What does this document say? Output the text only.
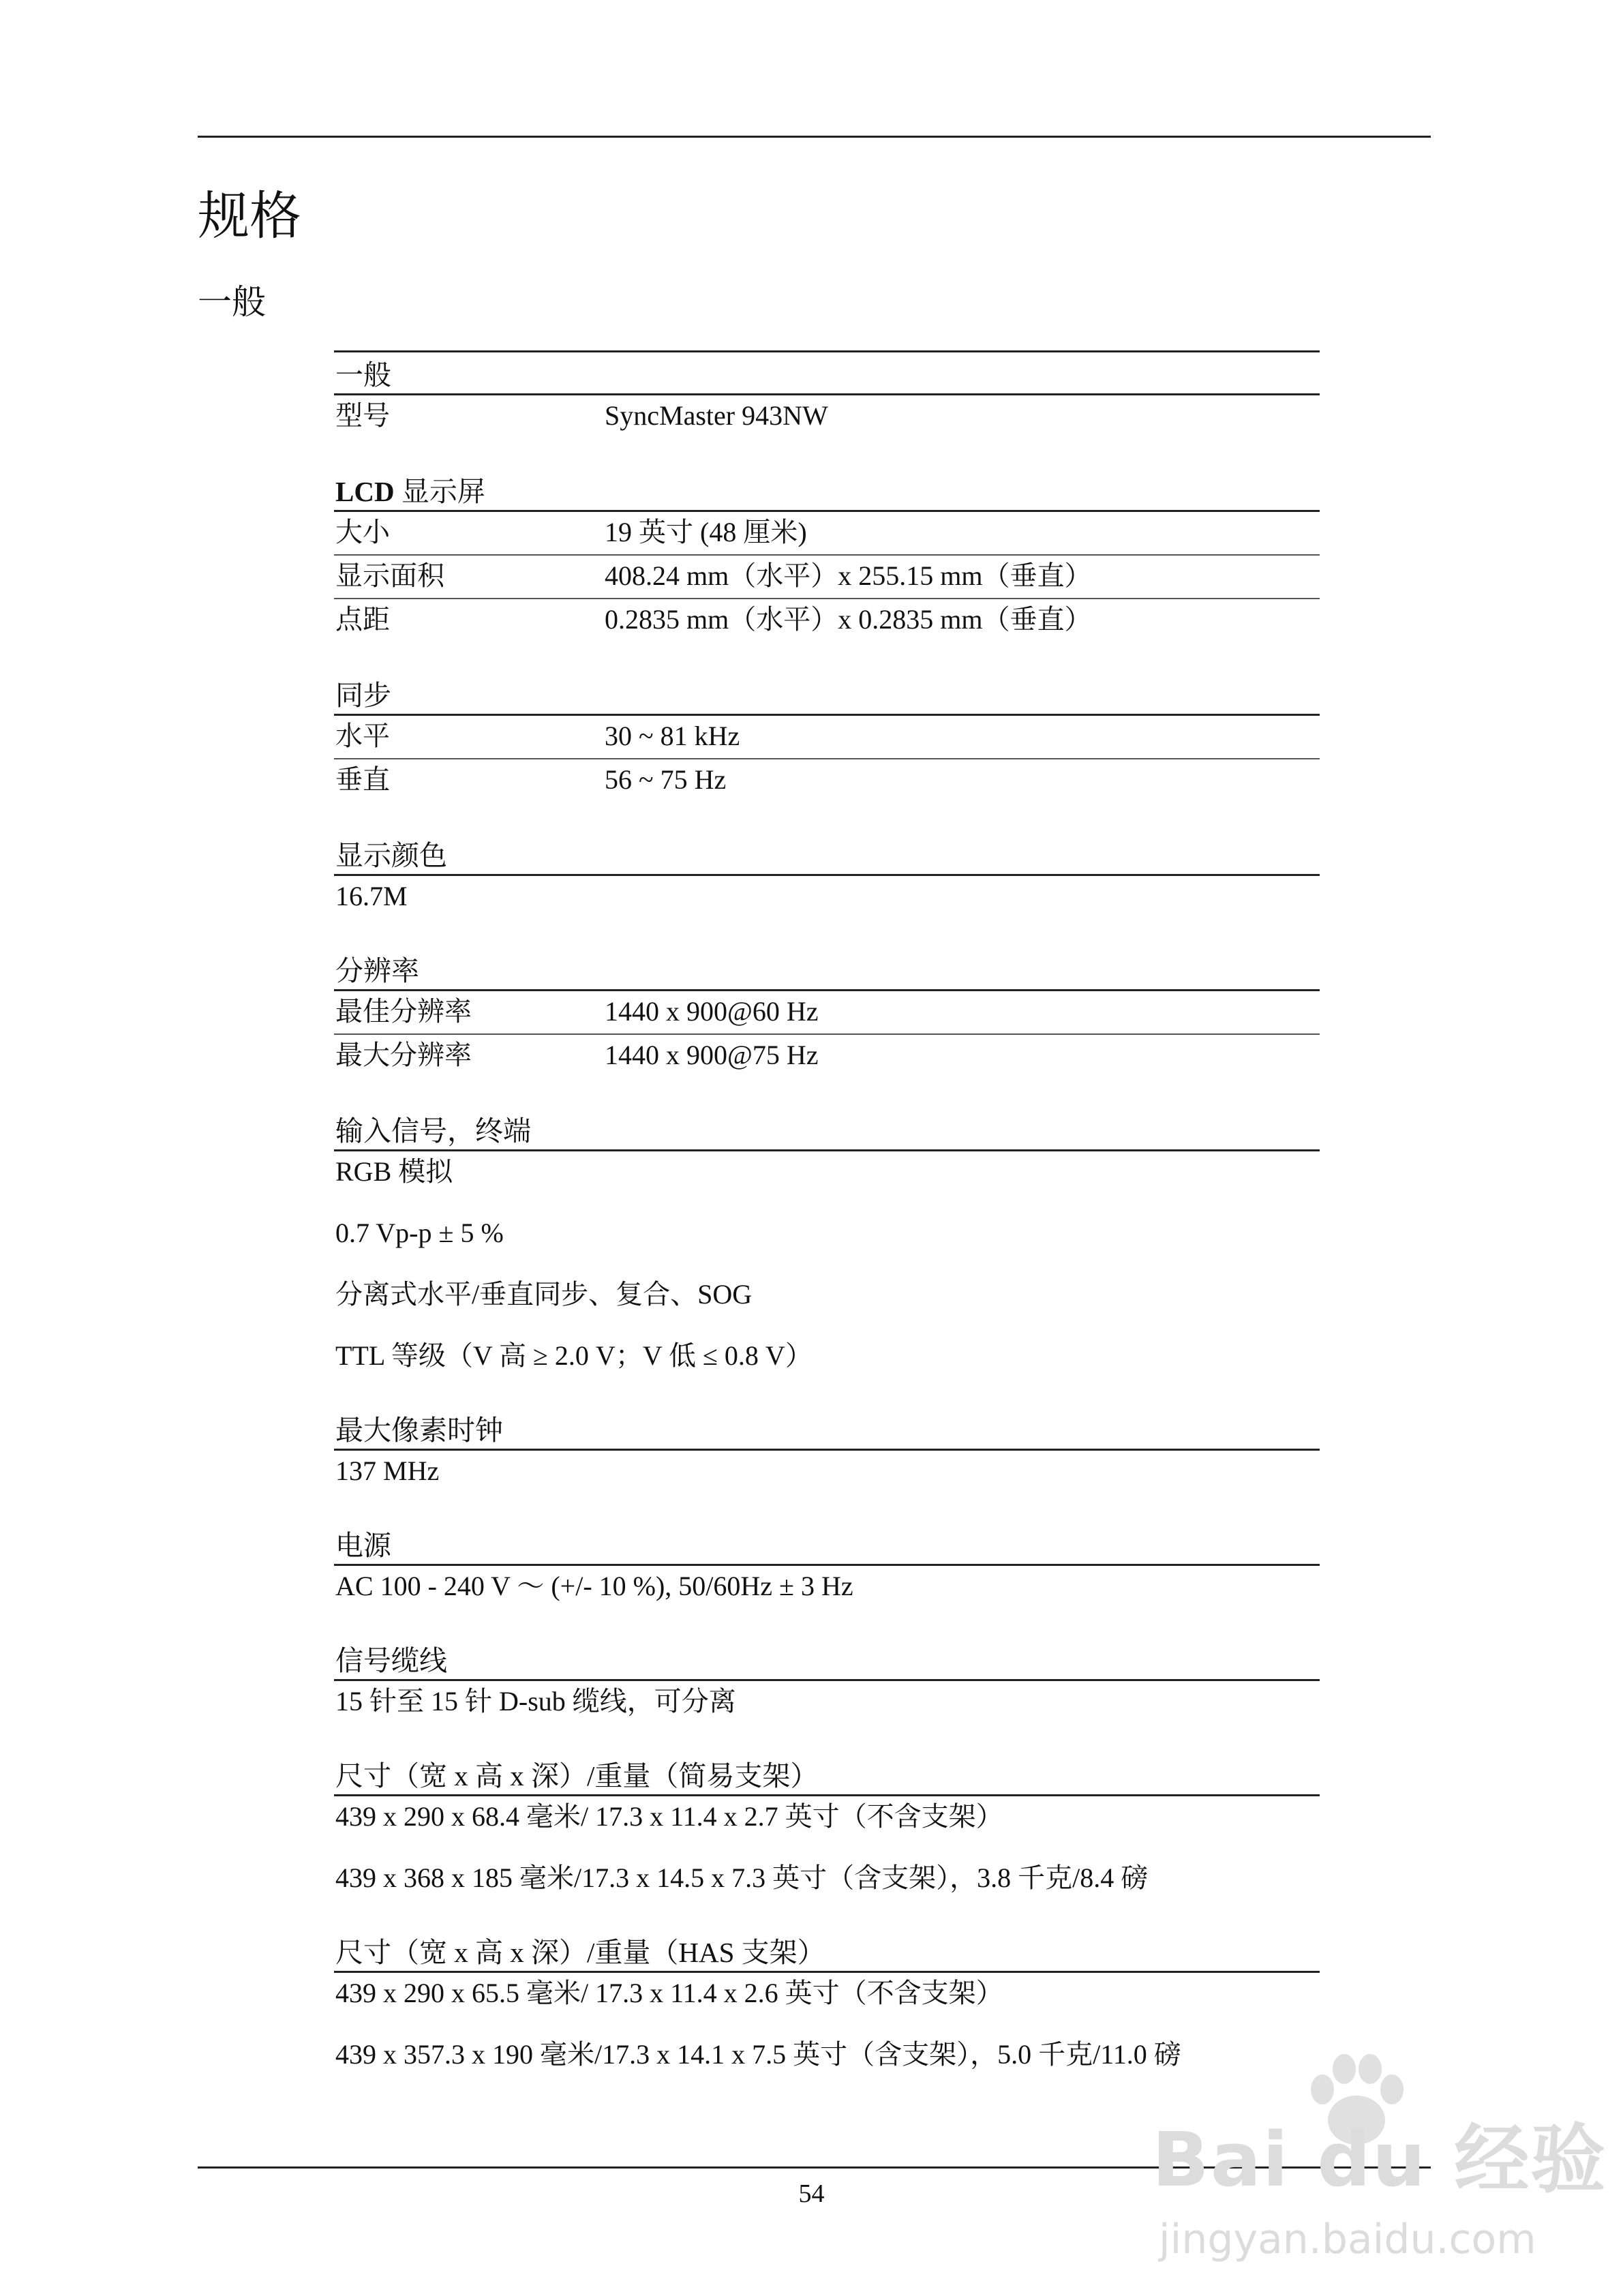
规格
一般
一般
型号	SyncMaster 943NW
LCD 显示屏
大小	19 英寸 (48 厘米)
显示面积	408.24 mm（水平）x 255.15 mm（垂直）
点距	0.2835 mm（水平）x 0.2835 mm（垂直）
同步
水平	30 ~ 81 kHz
垂直	56 ~ 75 Hz
显示颜色
16.7M
分辨率
最佳分辨率	1440 x 900@60 Hz
最大分辨率	1440 x 900@75 Hz
输入信号，终端
RGB 模拟
0.7 Vp-p ± 5 %
分离式水平/垂直同步、复合、SOG
TTL 等级（V 高 ≥ 2.0 V；V 低 ≤ 0.8 V）
最大像素时钟
137 MHz
电源
AC 100 - 240 V ～ (+/- 10 %), 50/60Hz ± 3 Hz
信号缆线
15 针至 15 针 D-sub 缆线，可分离
尺寸（宽 x 高 x 深）/重量（简易支架）
439 x 290 x 68.4 毫米/ 17.3 x 11.4 x 2.7 英寸（不含支架）
439 x 368 x 185 毫米/17.3 x 14.5 x 7.3 英寸（含支架），3.8 千克/8.4 磅
尺寸（宽 x 高 x 深）/重量（HAS 支架）
439 x 290 x 65.5 毫米/ 17.3 x 11.4 x 2.6 英寸（不含支架）
439 x 357.3 x 190 毫米/17.3 x 14.1 x 7.5 英寸（含支架），5.0 千克/11.0 磅
54	Bai du 经验
jingyan.baidu.com
